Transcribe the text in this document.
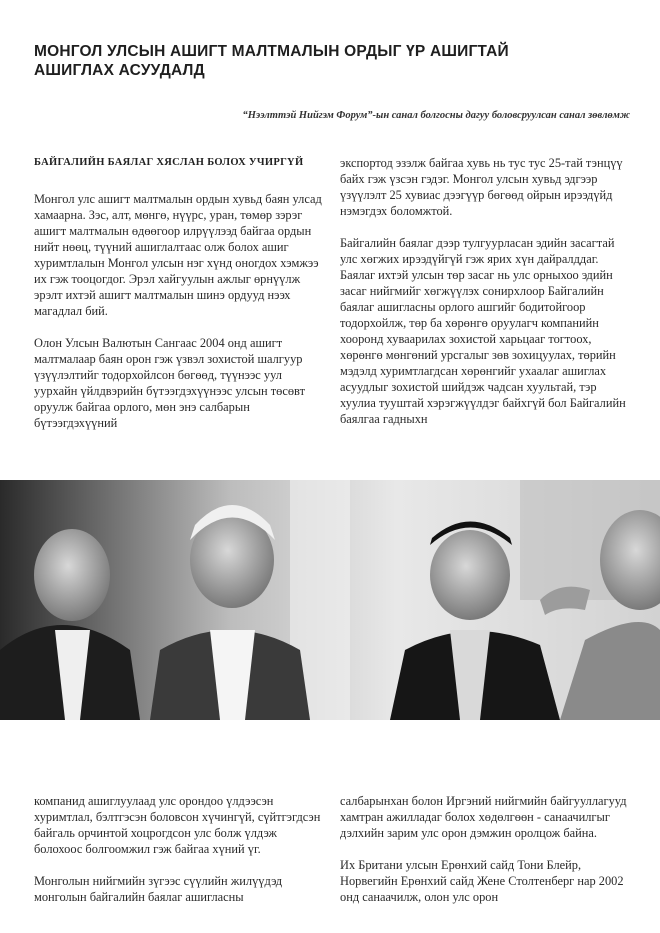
МОНГОЛ УЛСЫН АШИГТ МАЛТМАЛЫН ОРДЫГ ҮР АШИГТАЙ
АШИГЛАХ АСУУДАЛД
“Нээлттэй Нийгэм Форум”-ын санал болгосны дагуу боловсруулсан санал зөвлөмж
БАЙГАЛИЙН БАЯЛАГ ХЯСЛАН БОЛОХ УЧИРГҮЙ

Монгол улс ашигт малтмалын ордын хувьд баян улсад хамаарна. Зэс, алт, мөнгө, нүүрс, уран, төмөр зэрэг ашигт малтмалын өдөөгоор илрүүлээд байгаа ордын нийт нөөц, түүний ашиглалтаас олж болох ашиг хуримтлалын Монгол улсын нэг хүнд оногдох хэмжээ их гэж тооцогдог. Эрэл хайгуулын ажлыг өрнүүлж эрэлт ихтэй ашигт малтмалын шинэ ордууд нээх магадлал бий.

Олон Улсын Валютын Сангаас 2004 онд ашигт малтмалаар баян орон гэж үзвэл зохистой шалгуур үзүүлэлтийг тодорхойлсон бөгөөд, түүнээс уул уурхайн үйлдвэрийн бүтээгдэхүүнээс улсын төсөвт оруулж байгаа орлого, мөн энэ салбарын бүтээгдэхүүний

экспортод эзэлж байгаа хувь нь тус тус 25-тай тэнцүү байх гэж үзсэн гэдэг. Монгол улсын хувьд эдгээр үзүүлэлт 25 хувиас дээгүүр бөгөөд ойрын ирээдүйд нэмэгдэх боломжтой.

Байгалийн баялаг дээр тулгуурласан эдийн засагтай улс хөгжих ирээдүйгүй гэж ярих хүн дайралддаг. Баялаг ихтэй улсын төр засаг нь улс орныхоо эдийн засаг нийгмийг хөгжүүлэх сонирхлоор Байгалийн баялаг ашигласны орлого ашгийг бодитойгоор тодорхойлж, төр ба хөрөнгө оруулагч компанийн хооронд хуваарилах зохистой харьцааг тогтоох, хөрөнгө мөнгөний урсгалыг зөв зохицуулах, төрийн мэдэлд хуримтлагдсан хөрөнгийг ухаалаг ашиглах асуудлыг зохистой шийдэж чадсан хуультай, тэр хуулиа тууштай хэрэгжүүлдэг байхгүй бол Байгалийн баялгаа гадныхн

компанид ашиглуулаад улс орондоо үлдээсэн хуримтлал, бэлтгэсэн боловсон хүчингүй, сүйтгэгдсэн байгаль орчинтой хоцрогдсон улс болж үлдэж болохоос болгоомжил гэж байгаа хүний үг.

Монголын нийгмийн зүгээс сүүлийн жилүүдэд монголын байгалийн баялаг ашигласны

салбарынхан болон Иргэний нийгмийн байгууллагууд хамтран ажилладаг болох хөдөлгөөн - санаачилгыг дэлхийн зарим улс орон дэмжин оролцож байна.

Их Британи улсын Ерөнхий сайд Тони Блейр, Норвегийн Ерөнхий сайд Жене Столтенберг нар 2002 онд санаачилж, олон улс орон
